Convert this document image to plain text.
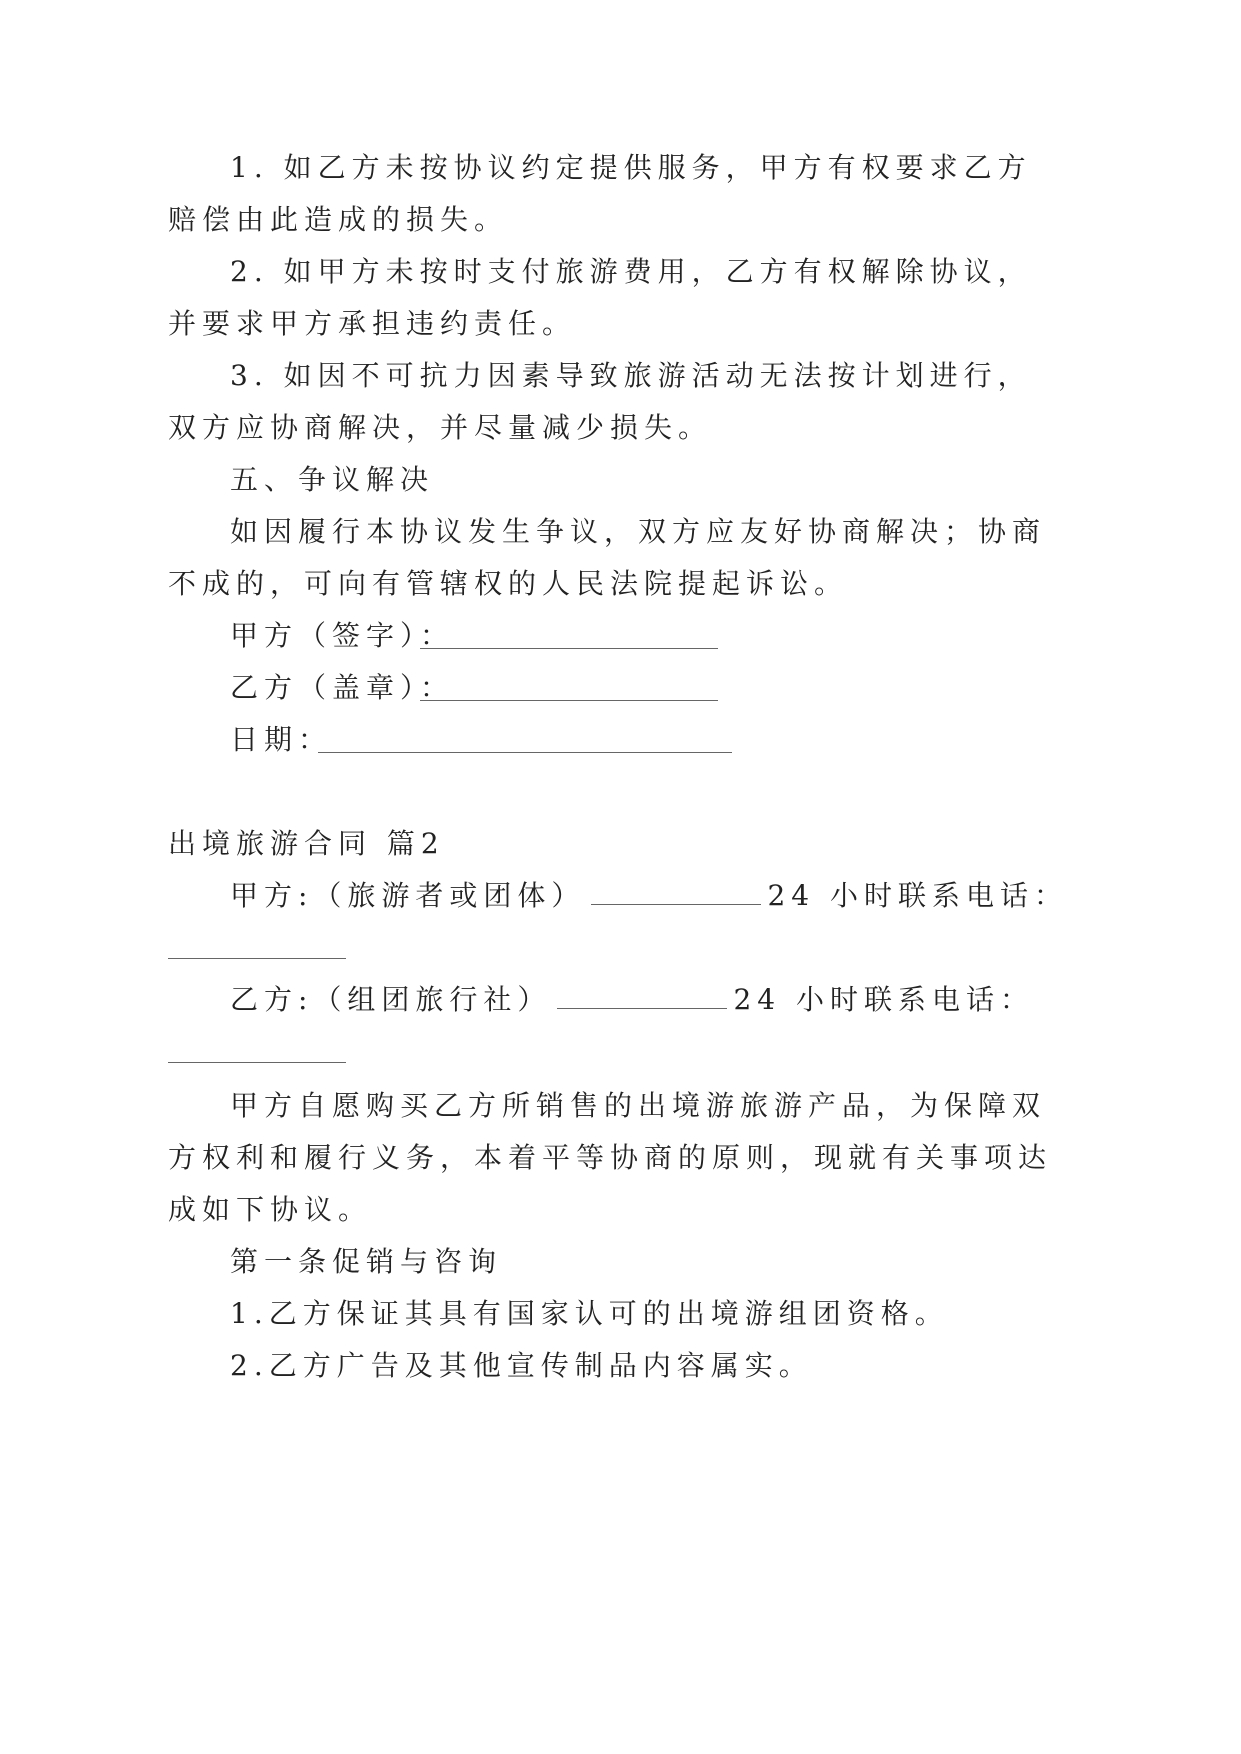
1. 如乙方未按协议约定提供服务，甲方有权要求乙方
赔偿由此造成的损失。
2. 如甲方未按时支付旅游费用，乙方有权解除协议，
并要求甲方承担违约责任。
3. 如因不可抗力因素导致旅游活动无法按计划进行，
双方应协商解决，并尽量减少损失。
五、争议解决
如因履行本协议发生争议，双方应友好协商解决；协商
不成的，可向有管辖权的人民法院提起诉讼。
甲方（签字）：
乙方（盖章）：
日期：
出境旅游合同 篇2
甲方:（旅游者或团体）	24 小时联系电话：
乙方:（组团旅行社）	24 小时联系电话：
甲方自愿购买乙方所销售的出境游旅游产品，为保障双
方权利和履行义务，本着平等协商的原则，现就有关事项达
成如下协议。
第一条促销与咨询
1.乙方保证其具有国家认可的出境游组团资格。
2.乙方广告及其他宣传制品内容属实。
